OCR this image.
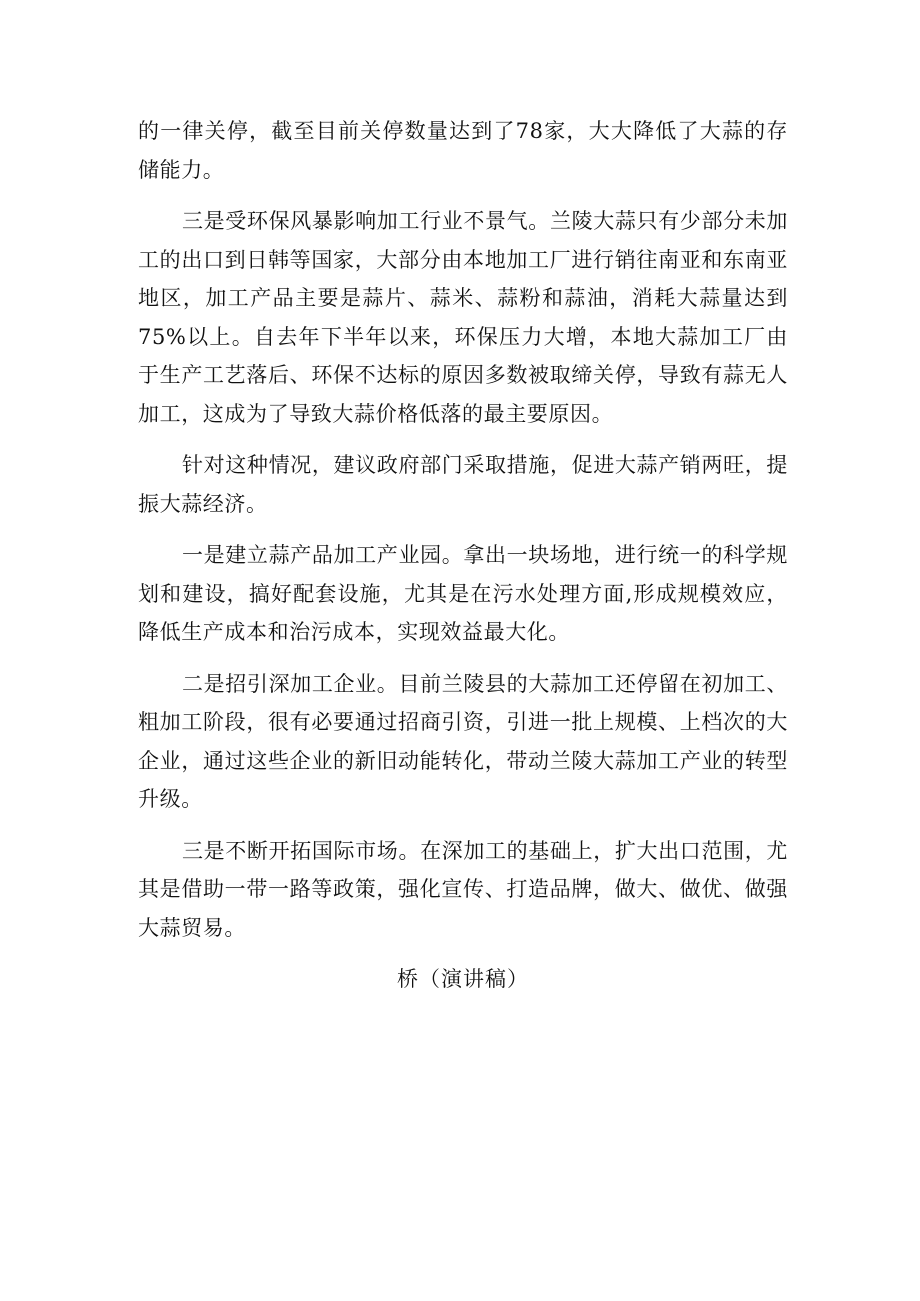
的一律关停，截至目前关停数量达到了78家，大大降低了大蒜的存储能力。

三是受环保风暴影响加工行业不景气。兰陵大蒜只有少部分未加工的出口到日韩等国家，大部分由本地加工厂进行销往南亚和东南亚地区，加工产品主要是蒜片、蒜米、蒜粉和蒜油，消耗大蒜量达到75%以上。自去年下半年以来，环保压力大增，本地大蒜加工厂由于生产工艺落后、环保不达标的原因多数被取缔关停，导致有蒜无人加工，这成为了导致大蒜价格低落的最主要原因。

针对这种情况，建议政府部门采取措施，促进大蒜产销两旺，提振大蒜经济。

一是建立蒜产品加工产业园。拿出一块场地，进行统一的科学规划和建设，搞好配套设施，尤其是在污水处理方面,形成规模效应，降低生产成本和治污成本，实现效益最大化。

二是招引深加工企业。目前兰陵县的大蒜加工还停留在初加工、粗加工阶段，很有必要通过招商引资，引进一批上规模、上档次的大企业，通过这些企业的新旧动能转化，带动兰陵大蒜加工产业的转型升级。

三是不断开拓国际市场。在深加工的基础上，扩大出口范围，尤其是借助一带一路等政策，强化宣传、打造品牌，做大、做优、做强大蒜贸易。

桥（演讲稿）
